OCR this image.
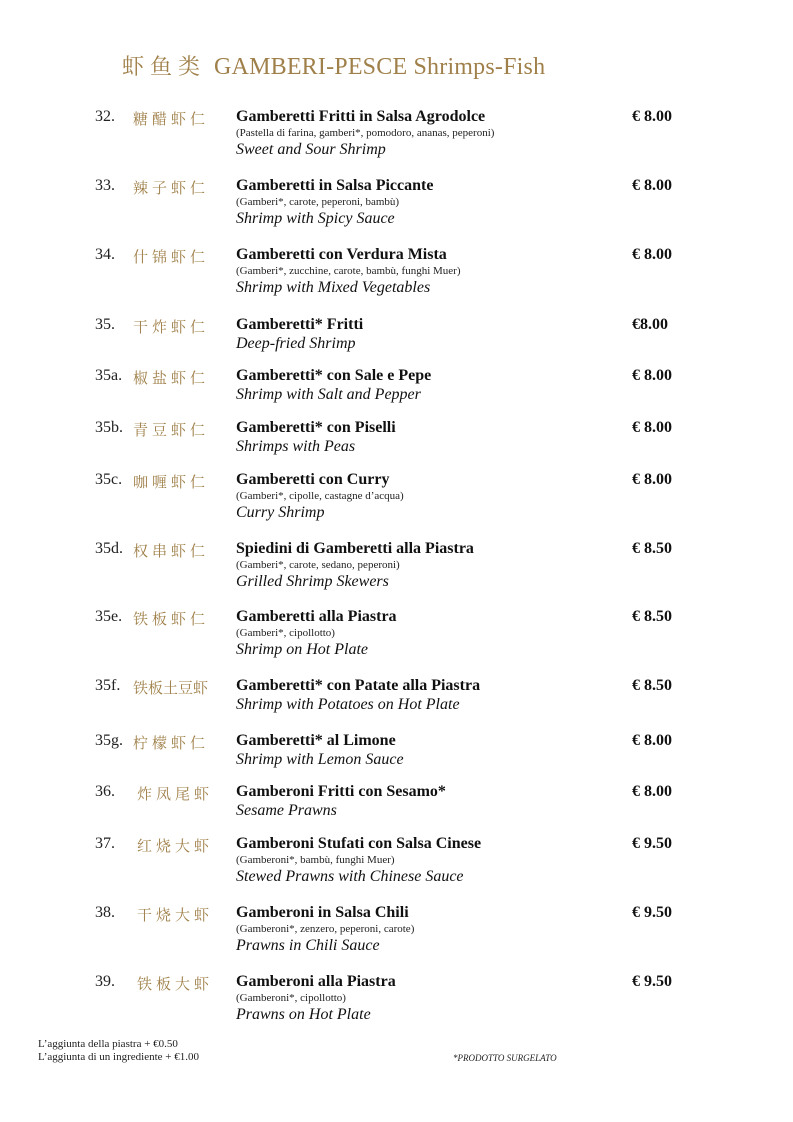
虾鱼类 GAMBERI-PESCE Shrimps-Fish
32. 糖醋虾仁 Gamberetti Fritti in Salsa Agrodolce
(Pastella di farina, gamberi*, pomodoro, ananas, peperoni)
Sweet and Sour Shrimp
€ 8.00
33. 辣子虾仁 Gamberetti in Salsa Piccante
(Gamberi*, carote, peperoni, bambù)
Shrimp with Spicy Sauce
€ 8.00
34. 什锦虾仁 Gamberetti con Verdura Mista
(Gamberi*, zucchine, carote, bambù, funghi Muer)
Shrimp with Mixed Vegetables
€ 8.00
35. 干炸虾仁 Gamberetti* Fritti
Deep-fried Shrimp
€8.00
35a. 椒盐虾仁 Gamberetti* con Sale e Pepe
Shrimp with Salt and Pepper
€ 8.00
35b. 青豆虾仁 Gamberetti* con Piselli
Shrimps with Peas
€ 8.00
35c. 咖喱虾仁 Gamberetti con Curry
(Gamberi*, cipolle, castagne d’acqua)
Curry Shrimp
€ 8.00
35d. 权串虾仁 Spiedini di Gamberetti alla Piastra
(Gamberi*, carote, sedano, peperoni)
Grilled Shrimp Skewers
€ 8.50
35e. 铁板虾仁 Gamberetti alla Piastra
(Gamberi*, cipollotto)
Shrimp on Hot Plate
€ 8.50
35f. 铁板土豆虾 Gamberetti* con Patate alla Piastra
Shrimp with Potatoes on Hot Plate
€ 8.50
35g. 柠檬虾仁 Gamberetti* al Limone
Shrimp with Lemon Sauce
€ 8.00
36. 炸凤尾虾 Gamberoni Fritti con Sesamo*
Sesame Prawns
€ 8.00
37. 红烧大虾 Gamberoni Stufati con Salsa Cinese
(Gamberoni*, bambù, funghi Muer)
Stewed Prawns with Chinese Sauce
€ 9.50
38. 干烧大虾 Gamberoni in Salsa Chili
(Gamberoni*, zenzero, peperoni, carote)
Prawns in Chili Sauce
€ 9.50
39. 铁板大虾 Gamberoni alla Piastra
(Gamberoni*, cipollotto)
Prawns on Hot Plate
€ 9.50
L’aggiunta della piastra + €0.50
L’aggiunta di un ingrediente + €1.00	*PRODOTTO SURGELATO
